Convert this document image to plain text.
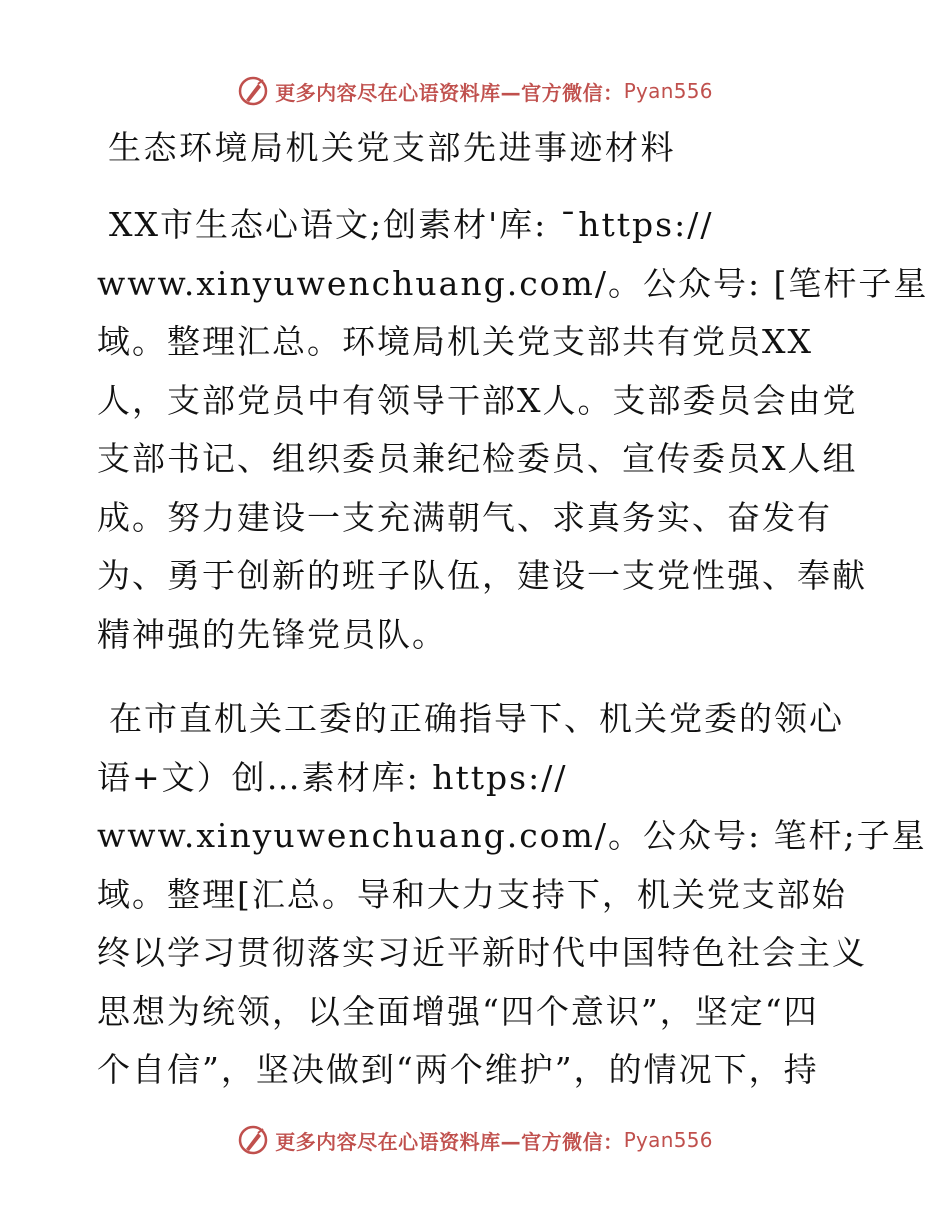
更多内容尽在心语资料库—官方微信： Pyan556
生态环境局机关党支部先进事迹材料
XX市生态心语文;创素材'库: ¯https://
www.xinyuwenchuang.com/。公众号: [笔杆子星
域。整理汇总。环境局机关党支部共有党员XX
人，支部党员中有领导干部X人。支部委员会由党
支部书记、组织委员兼纪检委员、宣传委员X人组
成。努力建设一支充满朝气、求真务实、奋发有
为、勇于创新的班子队伍，建设一支党性强、奉献
精神强的先锋党员队。
在市直机关工委的正确指导下、机关党委的领心
语+文）创…素材库: https://
www.xinyuwenchuang.com/。公众号: 笔杆;子星
域。整理[汇总。导和大力支持下，机关党支部始
终以学习贯彻落实习近平新时代中国特色社会主义
思想为统领，以全面增强“四个意识”，坚定“四
个自信”，坚决做到“两个维护”，的情况下，持
更多内容尽在心语资料库—官方微信： Pyan556
